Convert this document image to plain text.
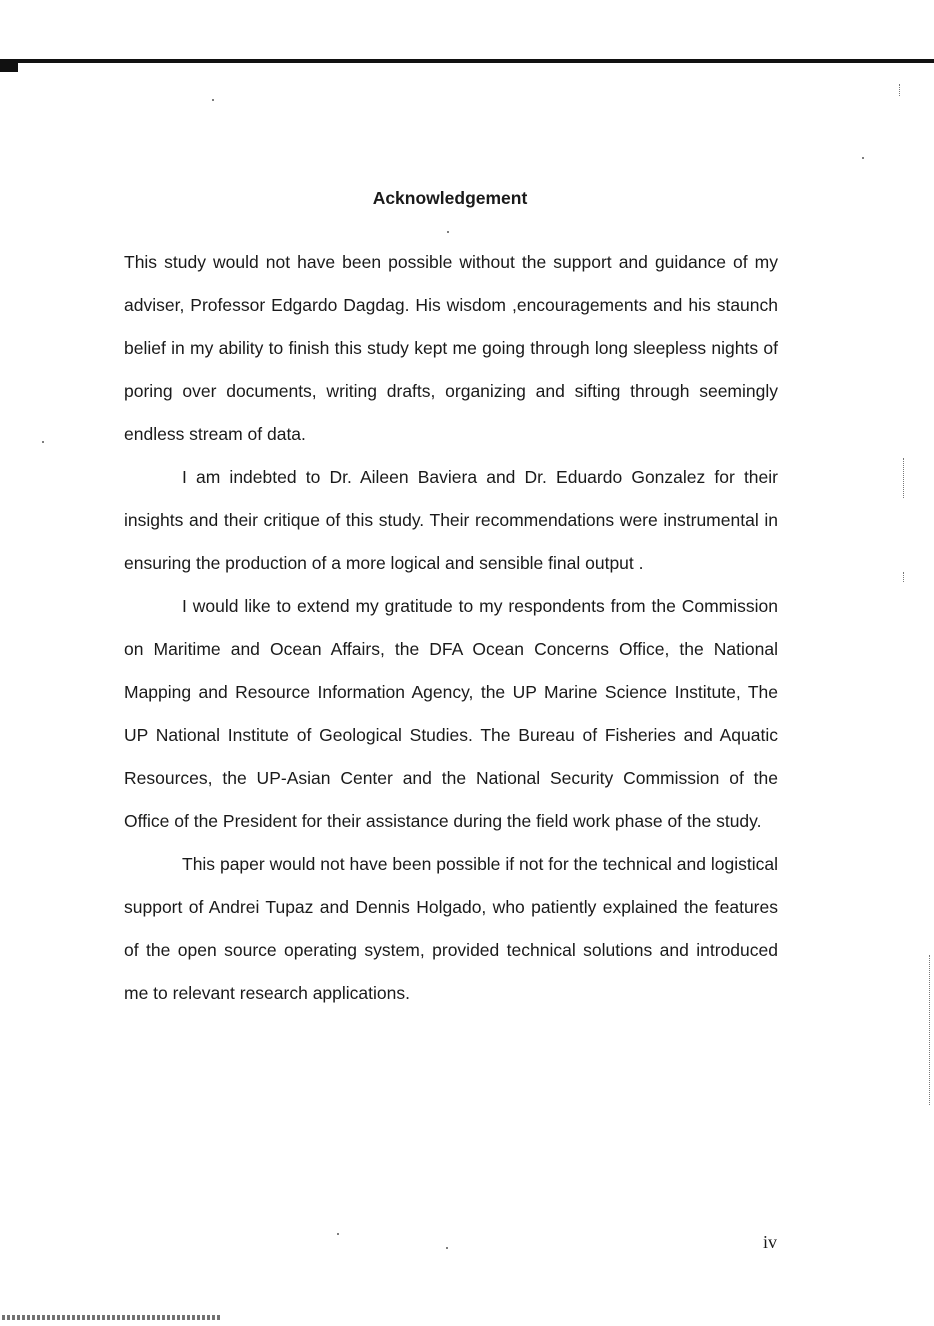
Acknowledgement

This study would not have been possible without the support and guidance of my adviser, Professor Edgardo Dagdag. His wisdom ,encouragements and his staunch belief in my ability to finish this study kept me going through long sleepless nights of poring over documents, writing drafts, organizing and sifting through seemingly endless stream of data.

I am indebted to Dr. Aileen Baviera and Dr. Eduardo Gonzalez for their insights and their critique of this study. Their recommendations were instrumental in ensuring the production of a more logical and sensible final output .

I would like to extend my gratitude to my respondents from the Commission on Maritime and Ocean Affairs, the DFA Ocean Concerns Office, the National Mapping and Resource Information Agency, the UP Marine Science Institute, The UP National Institute of Geological Studies. The Bureau of Fisheries and Aquatic Resources, the UP-Asian Center and the National Security Commission of the Office of the President for their assistance during the field work phase of the study.

This paper would not have been possible if not for the technical and logistical support of Andrei Tupaz and Dennis Holgado, who patiently explained the features of the open source operating system, provided technical solutions and introduced me to relevant research applications.

iv
